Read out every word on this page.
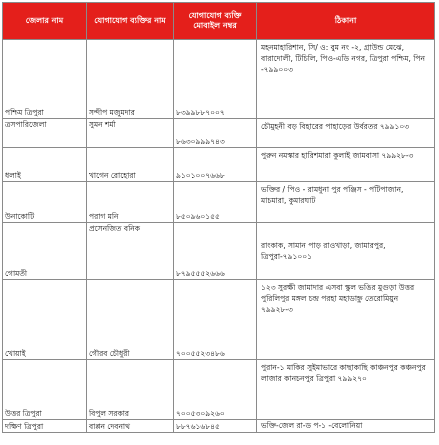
জেলার নাম	যোগাযোগ ব্যক্তির নাম	যোগাযোগ ব্যক্তি মোবাইল নম্বর	ঠিকানা
পশ্চিম ত্রিপুরা	সন্দীপ মজুমদার	৮৩৯৯৮৮৭০০৭	মহনমাহারিশান, সি/ ও: বুম নং -২, গ্রাউন্ড মেঝে, বারাদোলী, টিচিলি, পিও-এডি নগর, ত্রিপুরা পশ্চিম, পিন -৭৯৯০০৩
ত্রসপারিজেলা	সুমন শর্মা	৮৬৩০৯৯৯৭৪৩	চৌমুহনী বড় বিহারের পাহাড়ের উর্বরতর ৭৯৯১০৩
ধলাই	খাগেন রোহোরা	৯১০১০০৭৬৬৮	পুরুন নমস্কার হারিশমারা কুলাই জামবাসা ৭৯৯২৮-৩
উনাকোটি	পরাগ মনি	৮৫০৯৬০১৫৫	ভক্তির / পিও - রামধুনা পুর পঞ্জিস - পটিপাজান, মাচমারা, কুমারঘাট
গোমতী	প্রসেনজিত বনিক	৮৭৯৫৫৫২৬৬৬	রাংকাক, সামান পাড় রাওখাড়া, জামারপুর, ত্রিপুরা-৭৯১০০১
খোয়াই	গৌরব চৌধুরী	৭০০৫৫২৩৪৮৬	১২৩ সুরক্ষী জামাদার এসবা স্কুল ভঙির মুগুড়া উত্তর পুরিলিপুর মঙ্গল চন্দ্র পরহা মহাডাহ্নু তেরোমিয়ুন ৭৯৯২৮-৩
উত্তর ত্রিপুরা	বিপুল সরকার	৭০০৫৩০৯২৬০	পুরান-১ মাকির সুইমাভারে কাছাকাছি কাঞ্চনপুর কঞ্চনপুর লাজার কানচনপুর ত্রিপুরা ৭৯৯২৭০
দক্ষিণ ত্রিপুরা	বাপ্পন দেবনাথ	৮৮৭৬১৬৮৪৫	ভক্তি-জেল রা-ড প-১ -বেলোনিয়া
